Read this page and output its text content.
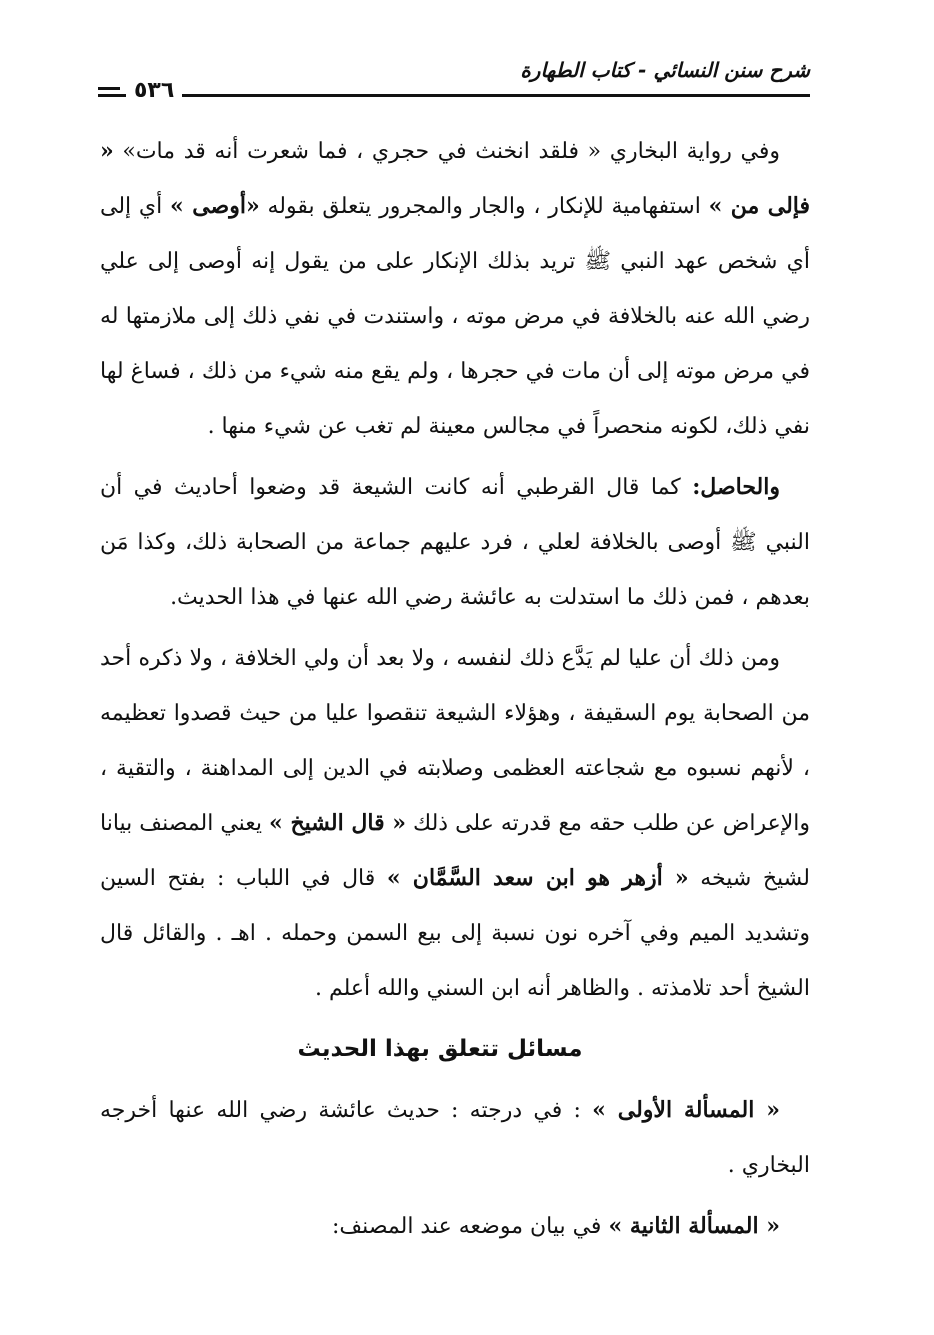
شرح سنن النسائي - كتاب الطهارة
٥٣٦

وفي رواية البخاري « فلقد انخنث في حجري ، فما شعرت أنه قد مات» « فإلى من » استفهامية للإنكار ، والجار والمجرور يتعلق بقوله «أوصى » أي إلى أي شخص عهد النبي ﷺ تريد بذلك الإنكار على من يقول إنه أوصى إلى علي رضي الله عنه بالخلافة في مرض موته ، واستندت في نفي ذلك إلى ملازمتها له في مرض موته إلى أن مات في حجرها ، ولم يقع منه شيء من ذلك ، فساغ لها نفي ذلك، لكونه منحصراً في مجالس معينة لم تغب عن شيء منها .

والحاصل: كما قال القرطبي أنه كانت الشيعة قد وضعوا أحاديث في أن النبي ﷺ أوصى بالخلافة لعلي ، فرد عليهم جماعة من الصحابة ذلك، وكذا مَن بعدهم ، فمن ذلك ما استدلت به عائشة رضي الله عنها في هذا الحديث.

ومن ذلك أن عليا لم يَدَّع ذلك لنفسه ، ولا بعد أن ولي الخلافة ، ولا ذكره أحد من الصحابة يوم السقيفة ، وهؤلاء الشيعة تنقصوا عليا من حيث قصدوا تعظيمه ، لأنهم نسبوه مع شجاعته العظمى وصلابته في الدين إلى المداهنة ، والتقية ، والإعراض عن طلب حقه مع قدرته على ذلك « قال الشيخ » يعني المصنف بيانا لشيخ شيخه « أزهر هو ابن سعد السَّمَّان » قال في اللباب : بفتح السين وتشديد الميم وفي آخره نون نسبة إلى بيع السمن وحمله . اهـ . والقائل قال الشيخ أحد تلامذته . والظاهر أنه ابن السني والله أعلم .

مسائل تتعلق بهذا الحديث

« المسألة الأولى » : في درجته : حديث عائشة رضي الله عنها أخرجه البخاري .

« المسألة الثانية » في بيان موضعه عند المصنف:
